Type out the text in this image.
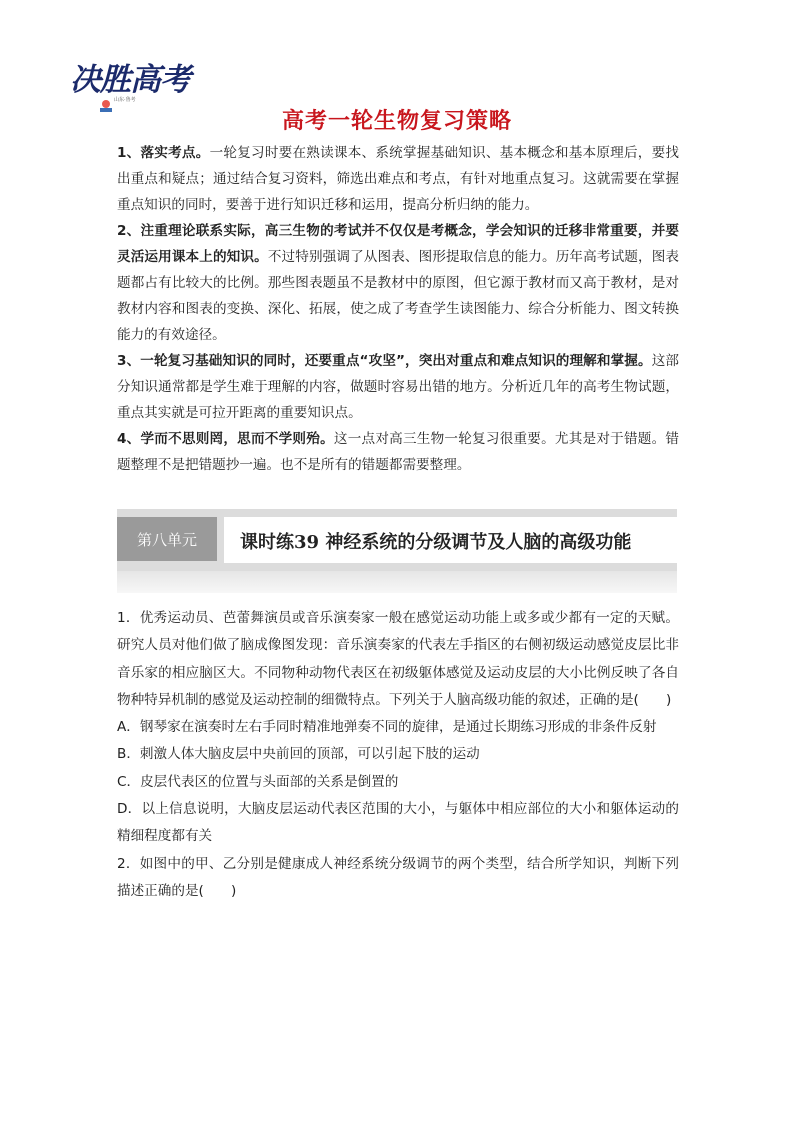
决胜高考
山东·鲁考
高考一轮生物复习策略

1、落实考点。一轮复习时要在熟读课本、系统掌握基础知识、基本概念和基本原理后，要找出重点和疑点；通过结合复习资料，筛选出难点和考点，有针对地重点复习。这就需要在掌握重点知识的同时，要善于进行知识迁移和运用，提高分析归纳的能力。

2、注重理论联系实际，高三生物的考试并不仅仅是考概念，学会知识的迁移非常重要，并要灵活运用课本上的知识。不过特别强调了从图表、图形提取信息的能力。历年高考试题，图表题都占有比较大的比例。那些图表题虽不是教材中的原图，但它源于教材而又高于教材，是对教材内容和图表的变换、深化、拓展，使之成了考查学生读图能力、综合分析能力、图文转换能力的有效途径。

3、一轮复习基础知识的同时，还要重点“攻坚”，突出对重点和难点知识的理解和掌握。这部分知识通常都是学生难于理解的内容，做题时容易出错的地方。分析近几年的高考生物试题，重点其实就是可拉开距离的重要知识点。

4、学而不思则罔，思而不学则殆。这一点对高三生物一轮复习很重要。尤其是对于错题。错题整理不是把错题抄一遍。也不是所有的错题都需要整理。

第八单元	课时练39 神经系统的分级调节及人脑的高级功能

1．优秀运动员、芭蕾舞演员或音乐演奏家一般在感觉运动功能上或多或少都有一定的天赋。研究人员对他们做了脑成像图发现：音乐演奏家的代表左手指区的右侧初级运动感觉皮层比非音乐家的相应脑区大。不同物种动物代表区在初级躯体感觉及运动皮层的大小比例反映了各自物种特异机制的感觉及运动控制的细微特点。下列关于人脑高级功能的叙述，正确的是(　　)

A．钢琴家在演奏时左右手同时精准地弹奏不同的旋律，是通过长期练习形成的非条件反射

B．刺激人体大脑皮层中央前回的顶部，可以引起下肢的运动

C．皮层代表区的位置与头面部的关系是倒置的

D．以上信息说明，大脑皮层运动代表区范围的大小，与躯体中相应部位的大小和躯体运动的精细程度都有关

2．如图中的甲、乙分别是健康成人神经系统分级调节的两个类型，结合所学知识，判断下列描述正确的是(　　)
